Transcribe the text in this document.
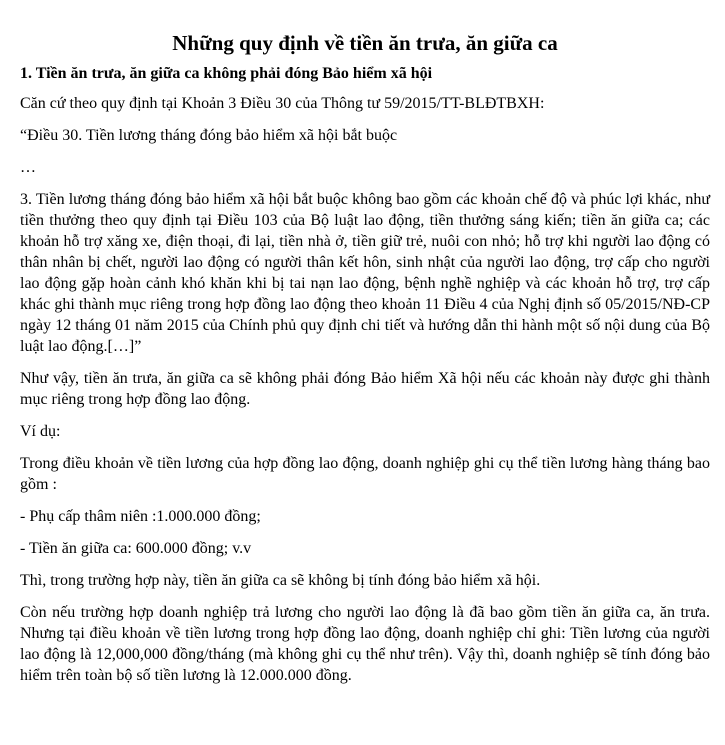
Những quy định về tiền ăn trưa, ăn giữa ca
1. Tiền ăn trưa, ăn giữa ca không phải đóng Bảo hiểm xã hội
Căn cứ theo quy định tại Khoản 3 Điều 30 của Thông tư 59/2015/TT-BLĐTBXH:
“Điều 30. Tiền lương tháng đóng bảo hiểm xã hội bắt buộc
…
3. Tiền lương tháng đóng bảo hiểm xã hội bắt buộc không bao gồm các khoản chế độ và phúc lợi khác, như tiền thưởng theo quy định tại Điều 103 của Bộ luật lao động, tiền thưởng sáng kiến; tiền ăn giữa ca; các khoản hỗ trợ xăng xe, điện thoại, đi lại, tiền nhà ở, tiền giữ trẻ, nuôi con nhỏ; hỗ trợ khi người lao động có thân nhân bị chết, người lao động có người thân kết hôn, sinh nhật của người lao động, trợ cấp cho người lao động gặp hoàn cảnh khó khăn khi bị tai nạn lao động, bệnh nghề nghiệp và các khoản hỗ trợ, trợ cấp khác ghi thành mục riêng trong hợp đồng lao động theo khoản 11 Điều 4 của Nghị định số 05/2015/NĐ-CP ngày 12 tháng 01 năm 2015 của Chính phủ quy định chi tiết và hướng dẫn thi hành một số nội dung của Bộ luật lao động.[…]”
Như vậy, tiền ăn trưa, ăn giữa ca sẽ không phải đóng Bảo hiểm Xã hội nếu các khoản này được ghi thành mục riêng trong hợp đồng lao động.
Ví dụ:
Trong điều khoản về tiền lương của hợp đồng lao động, doanh nghiệp ghi cụ thể tiền lương hàng tháng bao gồm :
- Phụ cấp thâm niên :1.000.000 đồng;
- Tiền ăn giữa ca: 600.000 đồng; v.v
Thì, trong trường hợp này, tiền ăn giữa ca sẽ không bị tính đóng bảo hiểm xã hội.
Còn nếu trường hợp doanh nghiệp trả lương cho người lao động là đã bao gồm tiền ăn giữa ca, ăn trưa. Nhưng tại điều khoản về tiền lương trong hợp đồng lao động, doanh nghiệp chỉ ghi: Tiền lương của người lao động là 12,000,000 đồng/tháng (mà không ghi cụ thể như trên). Vậy thì, doanh nghiệp sẽ tính đóng bảo hiểm trên toàn bộ số tiền lương là 12.000.000 đồng.
